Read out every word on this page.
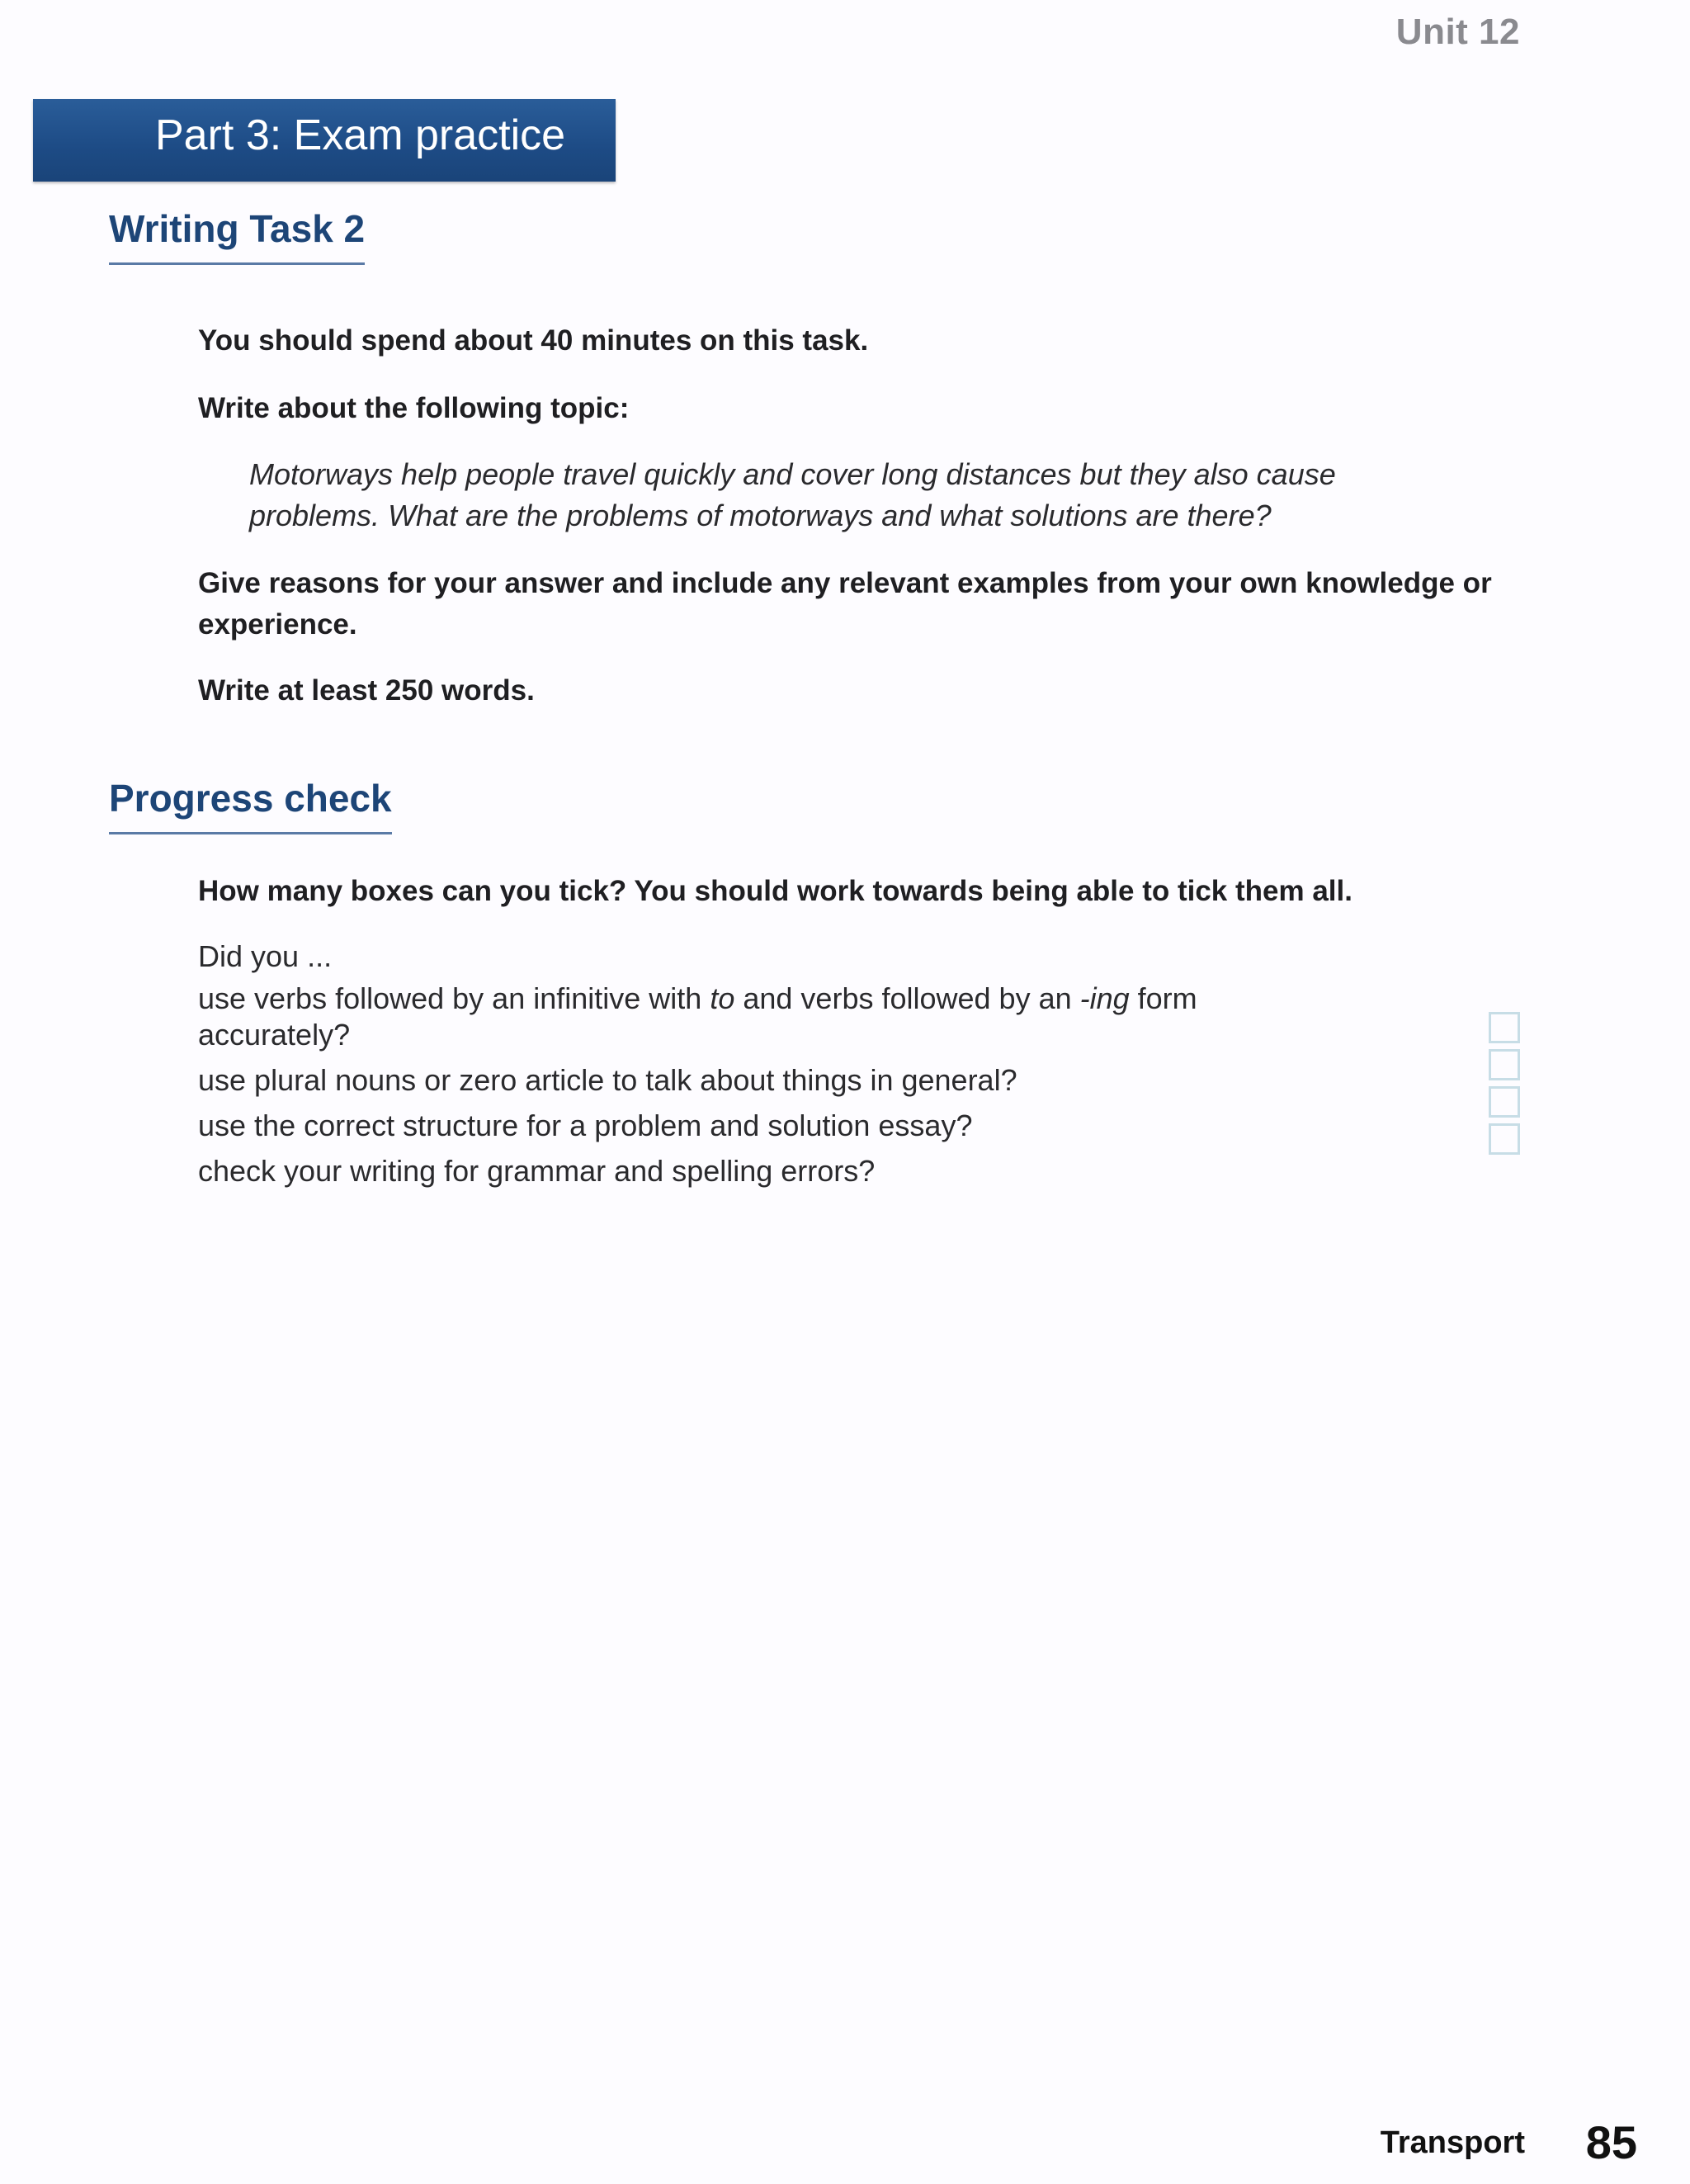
Unit 12
Part 3: Exam practice
Writing Task 2
You should spend about 40 minutes on this task.
Write about the following topic:
Motorways help people travel quickly and cover long distances but they also cause problems. What are the problems of motorways and what solutions are there?
Give reasons for your answer and include any relevant examples from your own knowledge or experience.
Write at least 250 words.
Progress check
How many boxes can you tick? You should work towards being able to tick them all.
Did you ...
use verbs followed by an infinitive with to and verbs followed by an -ing form
accurately?
use plural nouns or zero article to talk about things in general?
use the correct structure for a problem and solution essay?
check your writing for grammar and spelling errors?
Transport 85
